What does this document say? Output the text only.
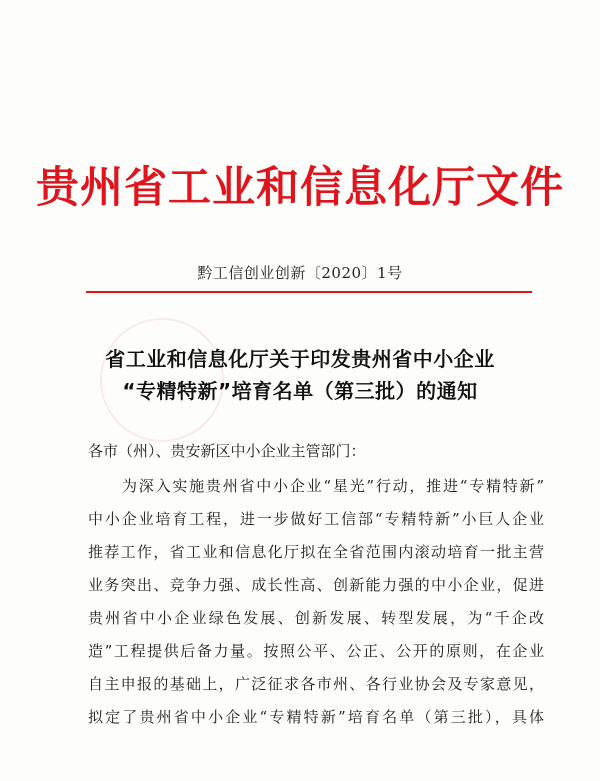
贵州省工业和信息化厅文件
黔工信创业创新〔2020〕1号
省工业和信息化厅关于印发贵州省中小企业
“专精特新”培育名单（第三批）的通知
各市（州）、贵安新区中小企业主管部门：
为深入实施贵州省中小企业“星光”行动，推进“专精特新”
中小企业培育工程，进一步做好工信部“专精特新”小巨人企业
推荐工作，省工业和信息化厅拟在全省范围内滚动培育一批主营
业务突出、竞争力强、成长性高、创新能力强的中小企业，促进
贵州省中小企业绿色发展、创新发展、转型发展，为“千企改
造”工程提供后备力量。按照公平、公正、公开的原则，在企业
自主申报的基础上，广泛征求各市州、各行业协会及专家意见，
拟定了贵州省中小企业“专精特新”培育名单（第三批），具体
